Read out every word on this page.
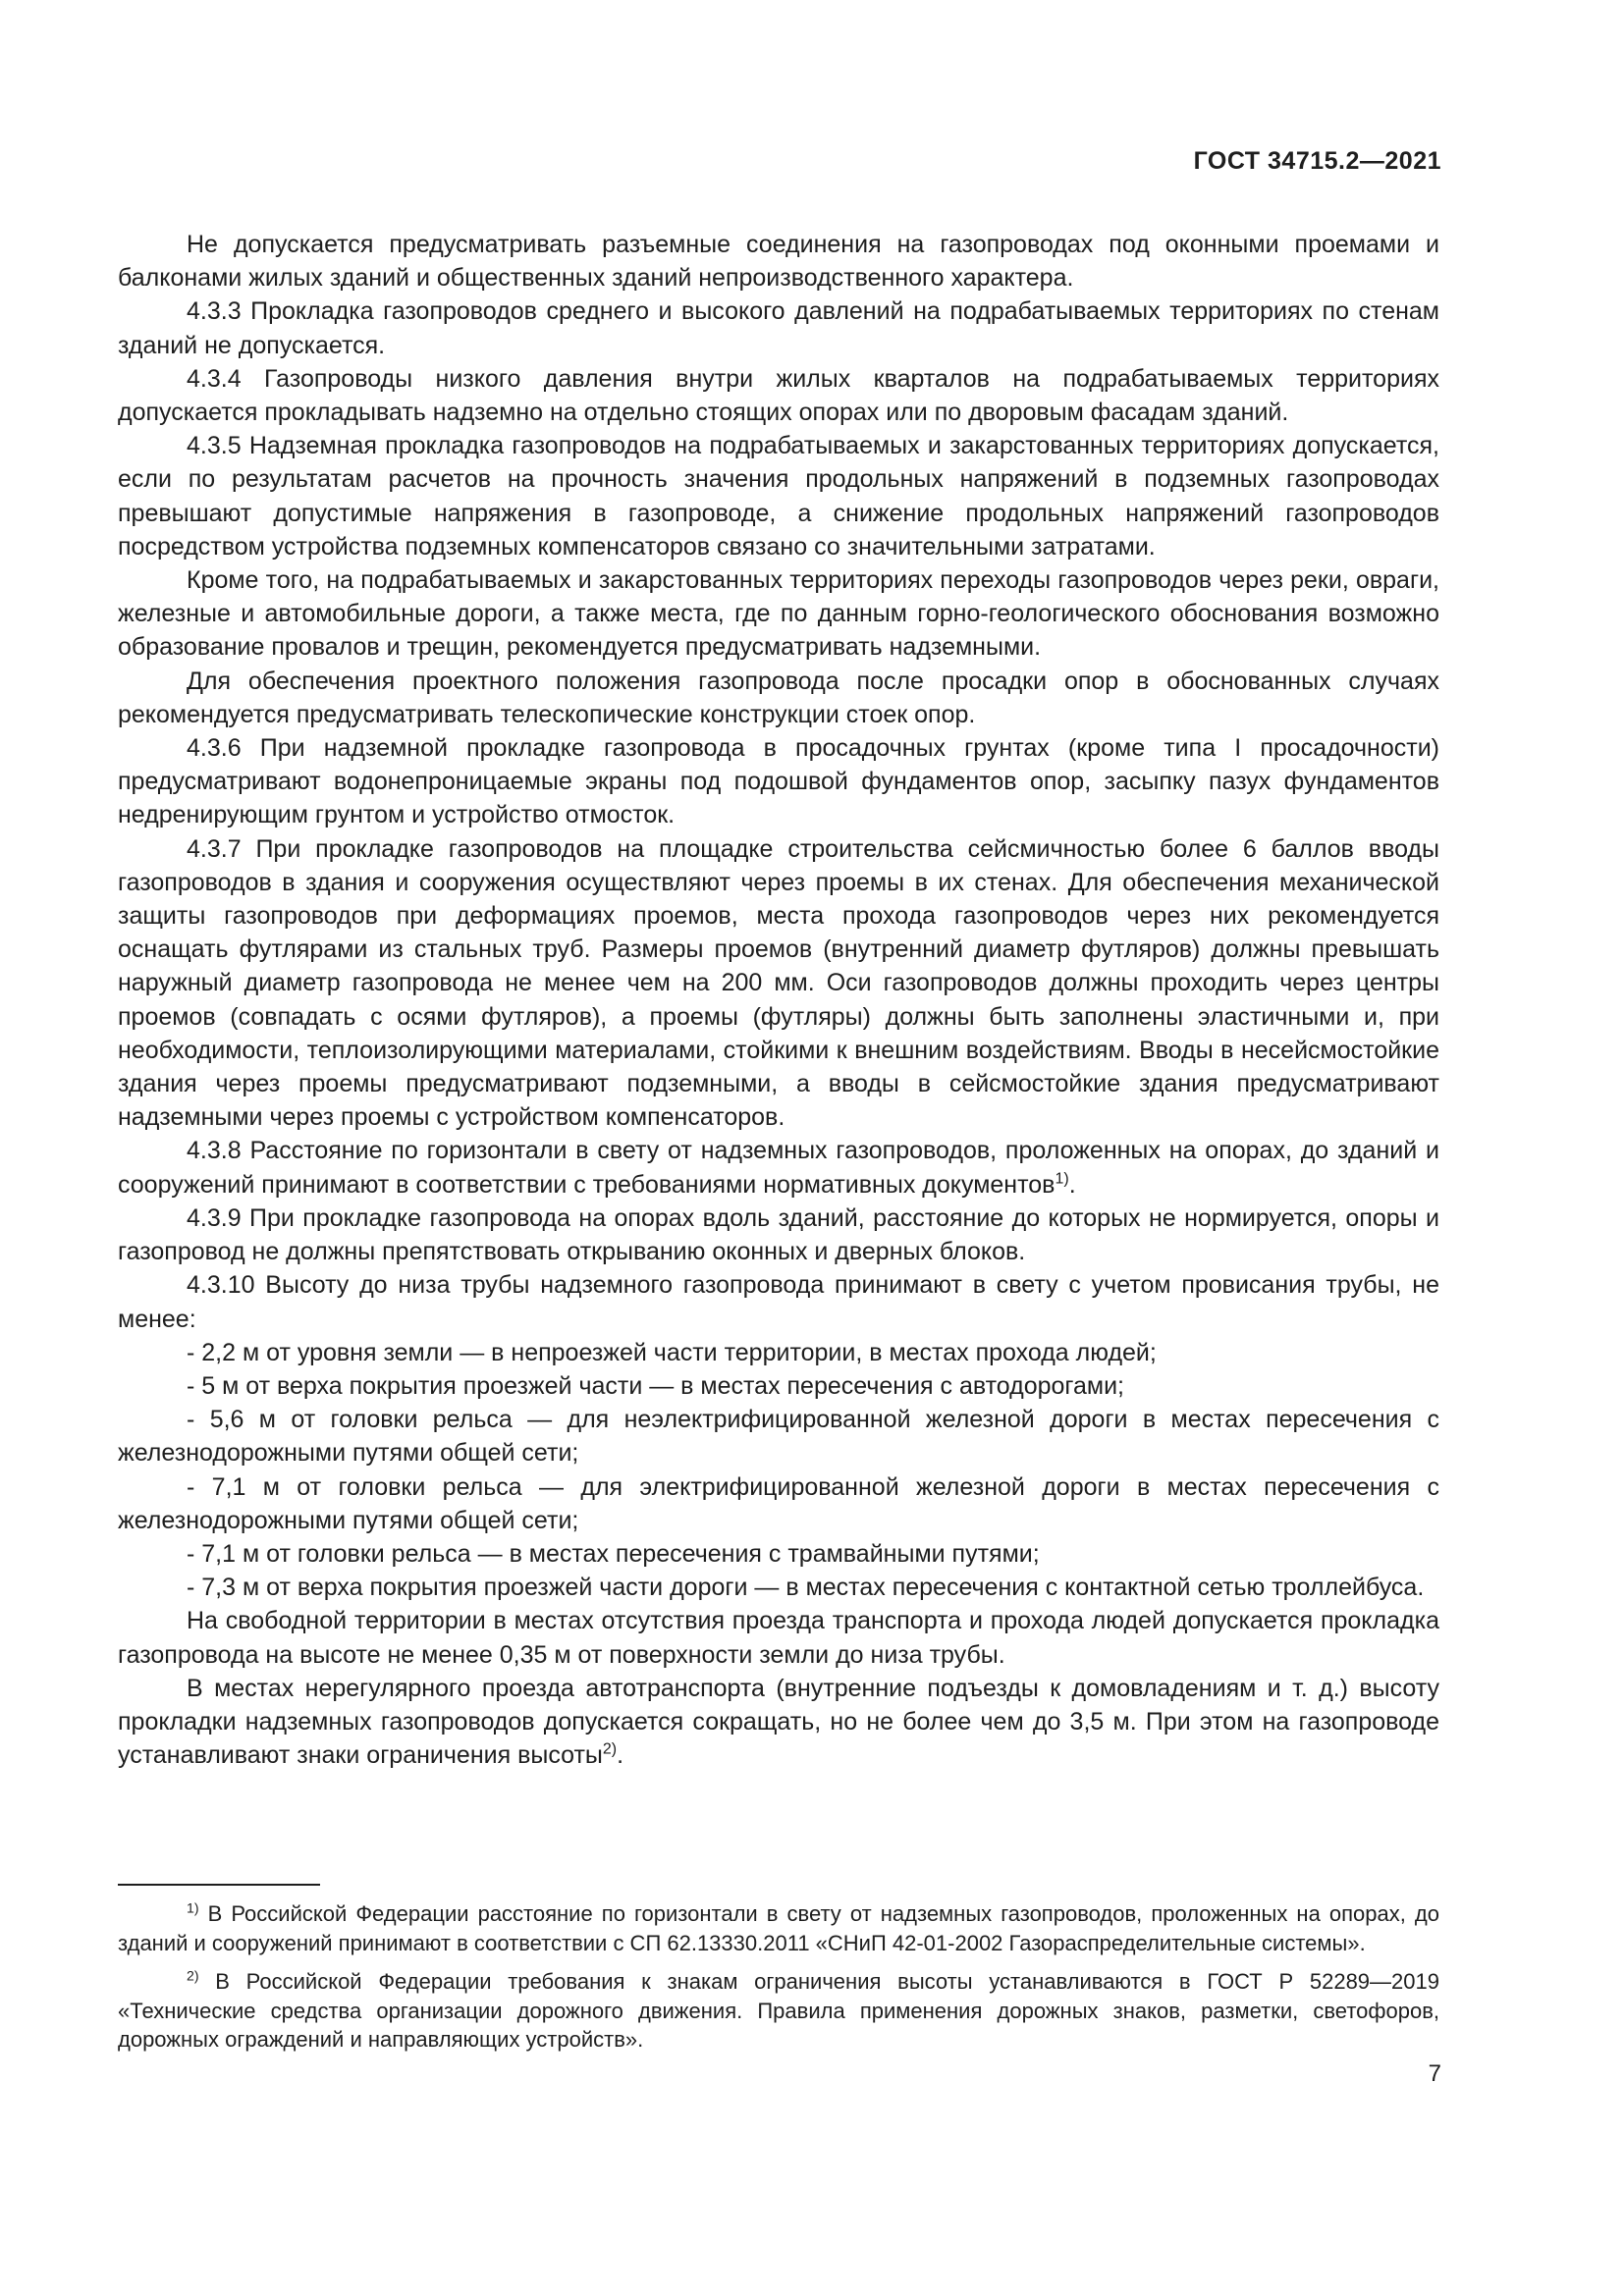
ГОСТ 34715.2—2021

Не допускается предусматривать разъемные соединения на газопроводах под оконными проемами и балконами жилых зданий и общественных зданий непроизводственного характера.

4.3.3 Прокладка газопроводов среднего и высокого давлений на подрабатываемых территориях по стенам зданий не допускается.

4.3.4 Газопроводы низкого давления внутри жилых кварталов на подрабатываемых территориях допускается прокладывать надземно на отдельно стоящих опорах или по дворовым фасадам зданий.

4.3.5 Надземная прокладка газопроводов на подрабатываемых и закарстованных территориях допускается, если по результатам расчетов на прочность значения продольных напряжений в подземных газопроводах превышают допустимые напряжения в газопроводе, а снижение продольных напряжений газопроводов посредством устройства подземных компенсаторов связано со значительными затратами.

Кроме того, на подрабатываемых и закарстованных территориях переходы газопроводов через реки, овраги, железные и автомобильные дороги, а также места, где по данным горно-геологического обоснования возможно образование провалов и трещин, рекомендуется предусматривать надземными.

Для обеспечения проектного положения газопровода после просадки опор в обоснованных случаях рекомендуется предусматривать телескопические конструкции стоек опор.

4.3.6 При надземной прокладке газопровода в просадочных грунтах (кроме типа I просадочности) предусматривают водонепроницаемые экраны под подошвой фундаментов опор, засыпку пазух фундаментов недренирующим грунтом и устройство отмосток.

4.3.7 При прокладке газопроводов на площадке строительства сейсмичностью более 6 баллов вводы газопроводов в здания и сооружения осуществляют через проемы в их стенах. Для обеспечения механической защиты газопроводов при деформациях проемов, места прохода газопроводов через них рекомендуется оснащать футлярами из стальных труб. Размеры проемов (внутренний диаметр футляров) должны превышать наружный диаметр газопровода не менее чем на 200 мм. Оси газопроводов должны проходить через центры проемов (совпадать с осями футляров), а проемы (футляры) должны быть заполнены эластичными и, при необходимости, теплоизолирующими материалами, стойкими к внешним воздействиям. Вводы в несейсмостойкие здания через проемы предусматривают подземными, а вводы в сейсмостойкие здания предусматривают надземными через проемы с устройством компенсаторов.

4.3.8 Расстояние по горизонтали в свету от надземных газопроводов, проложенных на опорах, до зданий и сооружений принимают в соответствии с требованиями нормативных документов$^{1)}$.

4.3.9 При прокладке газопровода на опорах вдоль зданий, расстояние до которых не нормируется, опоры и газопровод не должны препятствовать открыванию оконных и дверных блоков.

4.3.10 Высоту до низа трубы надземного газопровода принимают в свету с учетом провисания трубы, не менее:

- 2,2 м от уровня земли — в непроезжей части территории, в местах прохода людей;

- 5 м от верха покрытия проезжей части — в местах пересечения с автодорогами;

- 5,6 м от головки рельса — для неэлектрифицированной железной дороги в местах пересечения с железнодорожными путями общей сети;

- 7,1 м от головки рельса — для электрифицированной железной дороги в местах пересечения с железнодорожными путями общей сети;

- 7,1 м от головки рельса — в местах пересечения с трамвайными путями;

- 7,3 м от верха покрытия проезжей части дороги — в местах пересечения с контактной сетью троллейбуса.

На свободной территории в местах отсутствия проезда транспорта и прохода людей допускается прокладка газопровода на высоте не менее 0,35 м от поверхности земли до низа трубы.

В местах нерегулярного проезда автотранспорта (внутренние подъезды к домовладениям и т. д.) высоту прокладки надземных газопроводов допускается сокращать, но не более чем до 3,5 м. При этом на газопроводе устанавливают знаки ограничения высоты$^{2)}$.

$^{1)}$ В Российской Федерации расстояние по горизонтали в свету от надземных газопроводов, проложенных на опорах, до зданий и сооружений принимают в соответствии с СП 62.13330.2011 «СНиП 42-01-2002 Газораспределительные системы».

$^{2)}$ В Российской Федерации требования к знакам ограничения высоты устанавливаются в ГОСТ Р 52289—2019 «Технические средства организации дорожного движения. Правила применения дорожных знаков, разметки, светофоров, дорожных ограждений и направляющих устройств».

7
